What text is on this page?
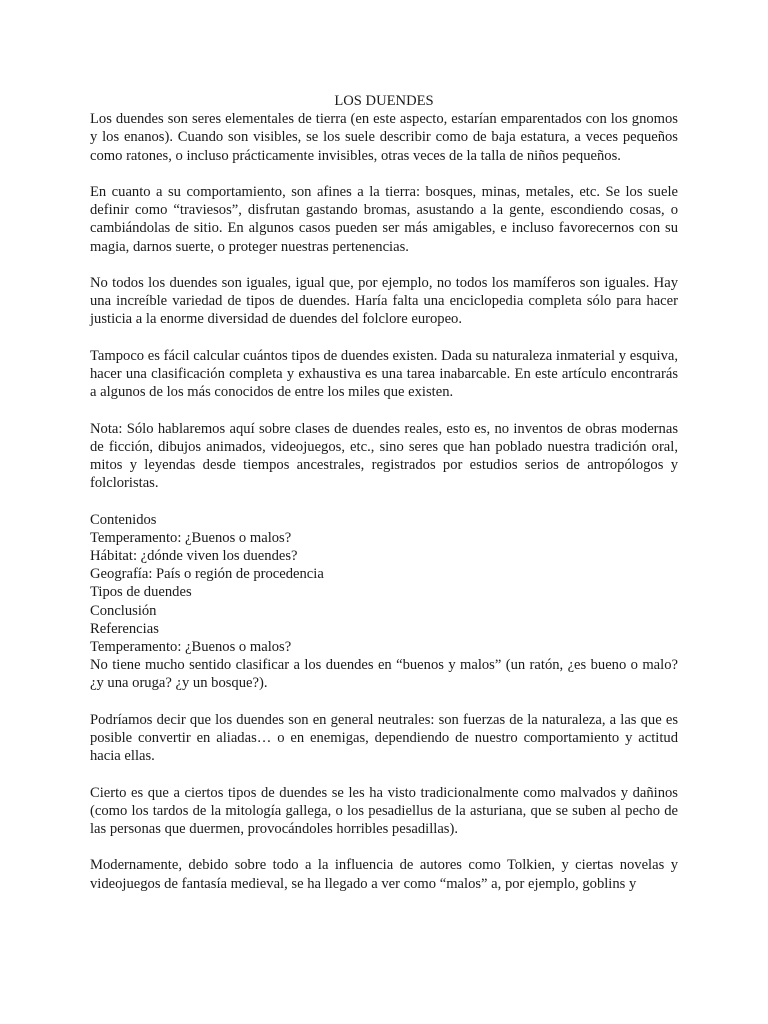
LOS DUENDES

Los duendes son seres elementales de tierra (en este aspecto, estarían emparentados con los gnomos y los enanos). Cuando son visibles, se los suele describir como de baja estatura, a veces pequeños como ratones, o incluso prácticamente invisibles, otras veces de la talla de niños pequeños.

En cuanto a su comportamiento, son afines a la tierra: bosques, minas, metales, etc. Se los suele definir como “traviesos”, disfrutan gastando bromas, asustando a la gente, escondiendo cosas, o cambiándolas de sitio. En algunos casos pueden ser más amigables, e incluso favorecernos con su magia, darnos suerte, o proteger nuestras pertenencias.

No todos los duendes son iguales, igual que, por ejemplo, no todos los mamíferos son iguales. Hay una increíble variedad de tipos de duendes. Haría falta una enciclopedia completa sólo para hacer justicia a la enorme diversidad de duendes del folclore europeo.

Tampoco es fácil calcular cuántos tipos de duendes existen. Dada su naturaleza inmaterial y esquiva, hacer una clasificación completa y exhaustiva es una tarea inabarcable. En este artículo encontrarás a algunos de los más conocidos de entre los miles que existen.

Nota: Sólo hablaremos aquí sobre clases de duendes reales, esto es, no inventos de obras modernas de ficción, dibujos animados, videojuegos, etc., sino seres que han poblado nuestra tradición oral, mitos y leyendas desde tiempos ancestrales, registrados por estudios serios de antropólogos y folcloristas.

Contenidos
Temperamento: ¿Buenos o malos?
Hábitat: ¿dónde viven los duendes?
Geografía: País o región de procedencia
Tipos de duendes
Conclusión
Referencias
Temperamento: ¿Buenos o malos?

No tiene mucho sentido clasificar a los duendes en “buenos y malos” (un ratón, ¿es bueno o malo? ¿y una oruga? ¿y un bosque?).

Podríamos decir que los duendes son en general neutrales: son fuerzas de la naturaleza, a las que es posible convertir en aliadas… o en enemigas, dependiendo de nuestro comportamiento y actitud hacia ellas.

Cierto es que a ciertos tipos de duendes se les ha visto tradicionalmente como malvados y dañinos (como los tardos de la mitología gallega, o los pesadiellus de la asturiana, que se suben al pecho de las personas que duermen, provocándoles horribles pesadillas).

Modernamente, debido sobre todo a la influencia de autores como Tolkien, y ciertas novelas y videojuegos de fantasía medieval, se ha llegado a ver como “malos” a, por ejemplo, goblins y
